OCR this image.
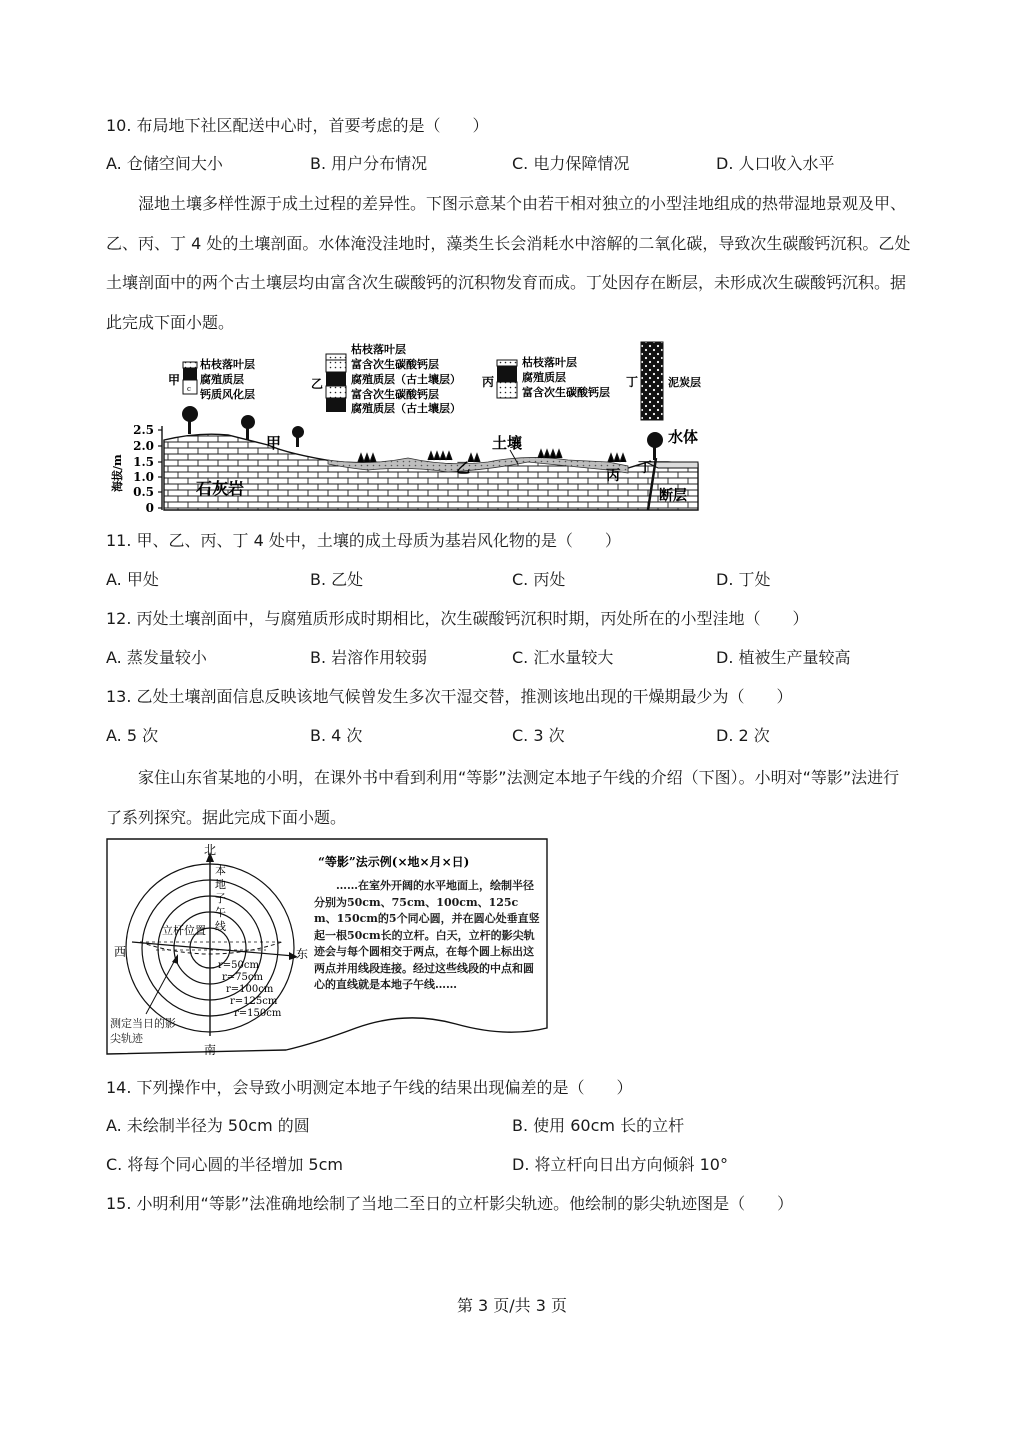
10. 布局地下社区配送中心时，首要考虑的是（　　）
A. 仓储空间大小	B. 用户分布情况	C. 电力保障情况	D. 人口收入水平
湿地土壤多样性源于成土过程的差异性。下图示意某个由若干相对独立的小型洼地组成的热带湿地景观及甲、乙、丙、丁 4 处的土壤剖面。水体淹没洼地时，藻类生长会消耗水中溶解的二氧化碳，导致次生碳酸钙沉积。乙处土壤剖面中的两个古土壤层均由富含次生碳酸钙的沉积物发育而成。丁处因存在断层，未形成次生碳酸钙沉积。据此完成下面小题。
枯枝落叶层
腐殖质层
钙质风化层
甲
c	乙
枯枝落叶层
富含次生碳酸钙层
腐殖质层（古土壤层）
富含次生碳酸钙层
腐殖质层（古土壤层）
丙
枯枝落叶层
腐殖质层
富含次生碳酸钙层
丁	泥炭层
海拔/m
2.5
2.0
1.5
1.0
0.5
0
甲
石灰岩
土壤
乙	丙 丁
水体
断层
11. 甲、乙、丙、丁 4 处中，土壤的成土母质为基岩风化物的是（　　）
A. 甲处	B. 乙处	C. 丙处	D. 丁处
12. 丙处土壤剖面中，与腐殖质形成时期相比，次生碳酸钙沉积时期，丙处所在的小型洼地（　　）
A. 蒸发量较小	B. 岩溶作用较弱	C. 汇水量较大	D. 植被生产量较高
13. 乙处土壤剖面信息反映该地气候曾发生多次干湿交替，推测该地出现的干燥期最少为（　　）
A. 5 次	B. 4 次	C. 3 次	D. 2 次
家住山东省某地的小明，在课外书中看到利用“等影”法测定本地子午线的介绍（下图）。小明对“等影”法进行了系列探究。据此完成下面小题。
北
南
西	东
本
地
子
午
线
立杆位置
r=50cm
r=75cm
r=100cm
r=125cm
r=150cm
测定当日的影尖轨迹
“等影”法示例(×地×月×日)
……在室外开阔的水平地面上，绘制半径分别为50cm、75cm、100cm、125cm、150cm的5个同心圆，并在圆心处垂直竖起一根50cm长的立杆。白天，立杆的影尖轨迹会与每个圆相交于两点，在每个圆上标出这两点并用线段连接。经过这些线段的中点和圆心的直线就是本地子午线……
14. 下列操作中，会导致小明测定本地子午线的结果出现偏差的是（　　）
A. 未绘制半径为 50cm 的圆	B. 使用 60cm 长的立杆
C. 将每个同心圆的半径增加 5cm	D. 将立杆向日出方向倾斜 10°
15. 小明利用“等影”法准确地绘制了当地二至日的立杆影尖轨迹。他绘制的影尖轨迹图是（　　）
第 3 页/共 3 页
